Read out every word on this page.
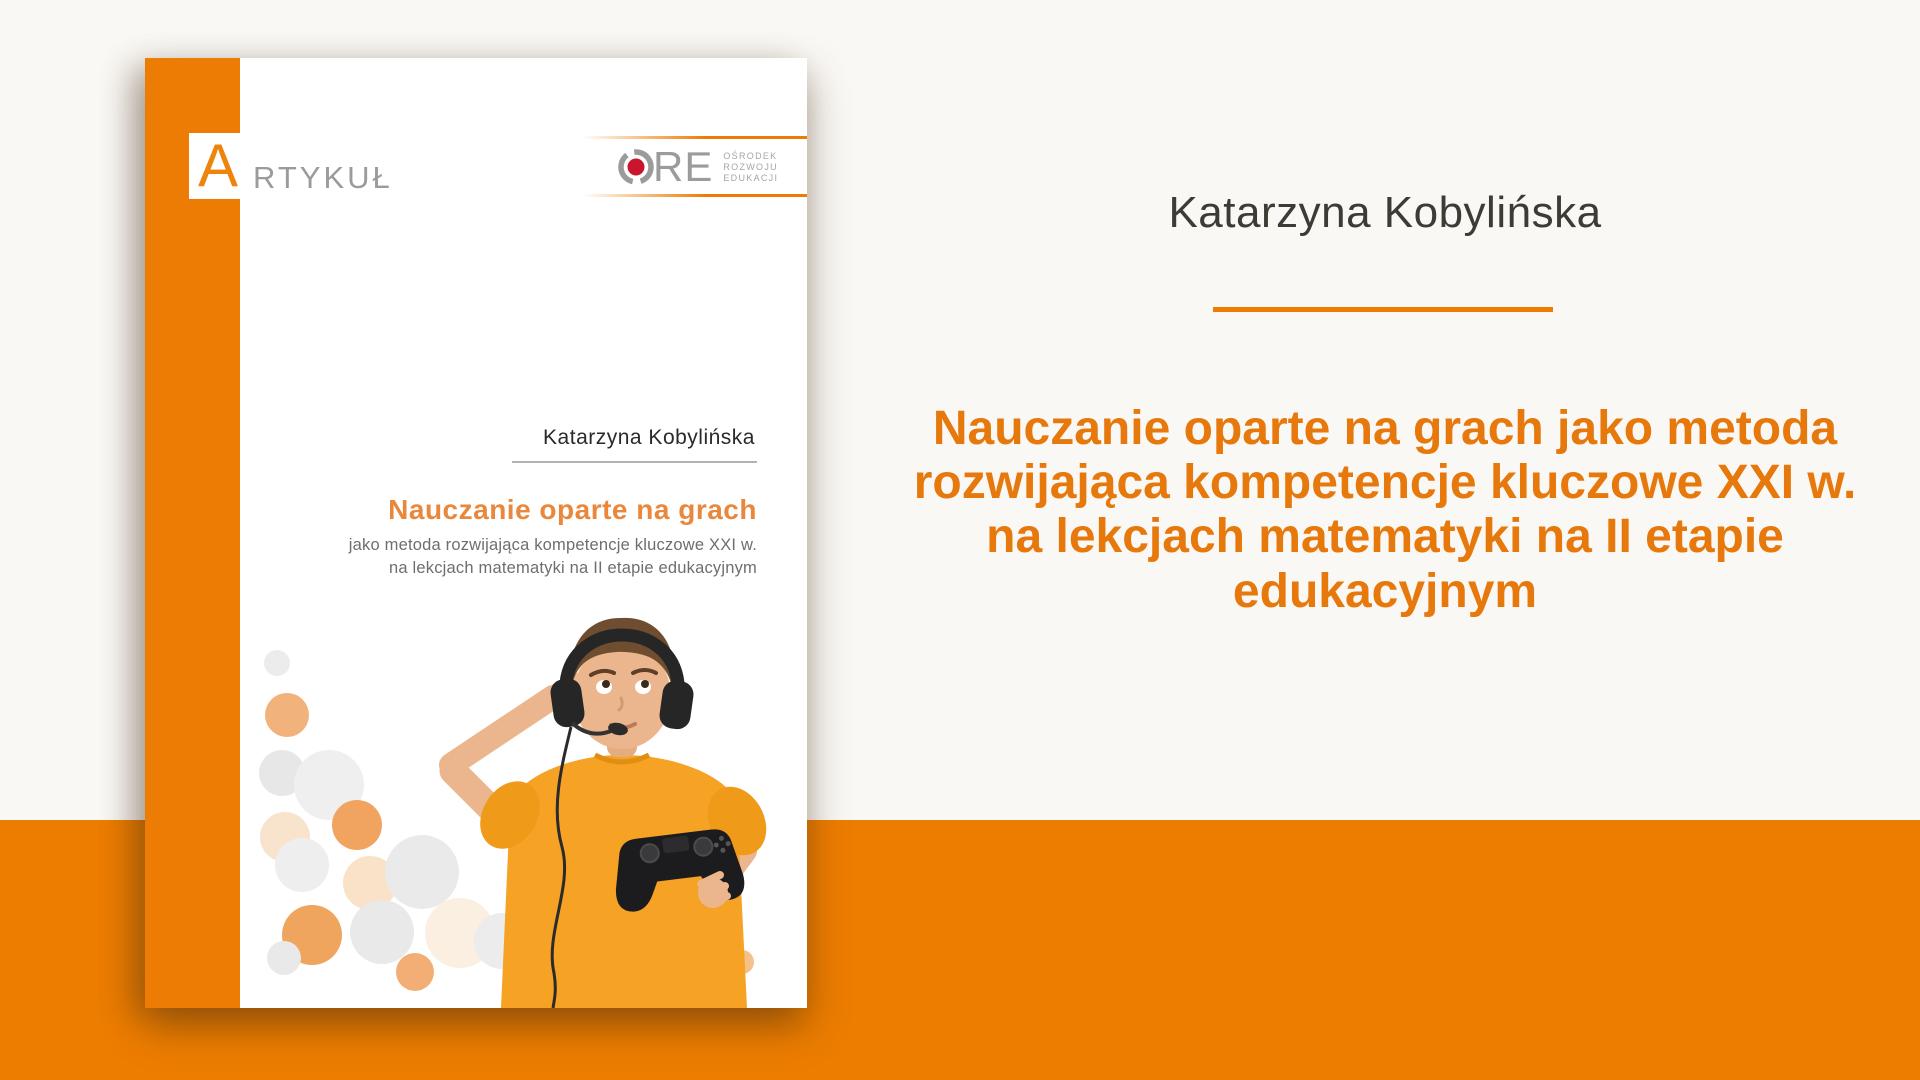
A RTYKUŁ	RE OŚRODEK
ROZWOJU
EDUKACJI
Katarzyna Kobylińska
Nauczanie oparte na grach
jako metoda rozwijająca kompetencje kluczowe XXI w.
na lekcjach matematyki na II etapie edukacyjnym
Katarzyna Kobylińska
Nauczanie oparte na grach jako metoda
rozwijająca kompetencje kluczowe XXI w.
na lekcjach matematyki na II etapie
edukacyjnym
